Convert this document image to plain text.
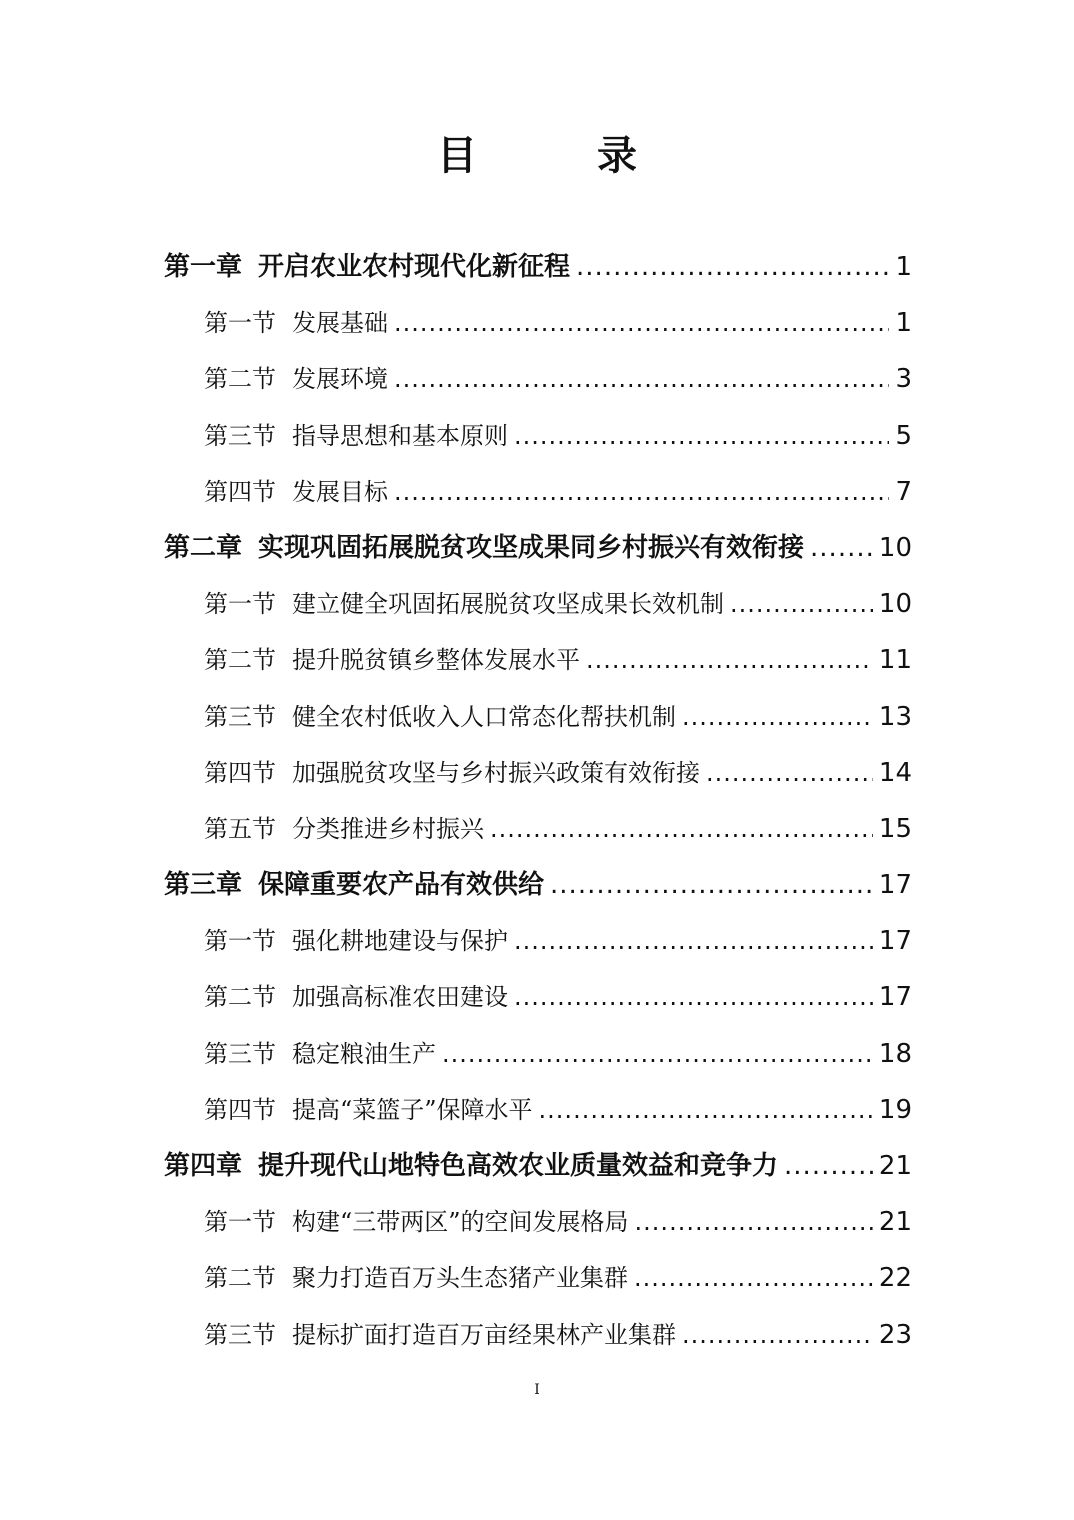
目　录
第一章 开启农业农村现代化新征程 .....	1
第一节 发展基础 .....	1
第二节 发展环境 .....	3
第三节 指导思想和基本原则 .....	5
第四节 发展目标 .....	7
第二章 实现巩固拓展脱贫攻坚成果同乡村振兴有效衔接 .....	10
第一节 建立健全巩固拓展脱贫攻坚成果长效机制 .....	10
第二节 提升脱贫镇乡整体发展水平 .....	11
第三节 健全农村低收入人口常态化帮扶机制 .....	13
第四节 加强脱贫攻坚与乡村振兴政策有效衔接 .....	14
第五节 分类推进乡村振兴 .....	15
第三章 保障重要农产品有效供给 .....	17
第一节 强化耕地建设与保护 .....	17
第二节 加强高标准农田建设 .....	17
第三节 稳定粮油生产 .....	18
第四节 提高“菜篮子”保障水平 .....	19
第四章 提升现代山地特色高效农业质量效益和竞争力 .....	21
第一节 构建“三带两区”的空间发展格局 .....	21
第二节 聚力打造百万头生态猪产业集群 .....	22
第三节 提标扩面打造百万亩经果林产业集群 .....	23
I
